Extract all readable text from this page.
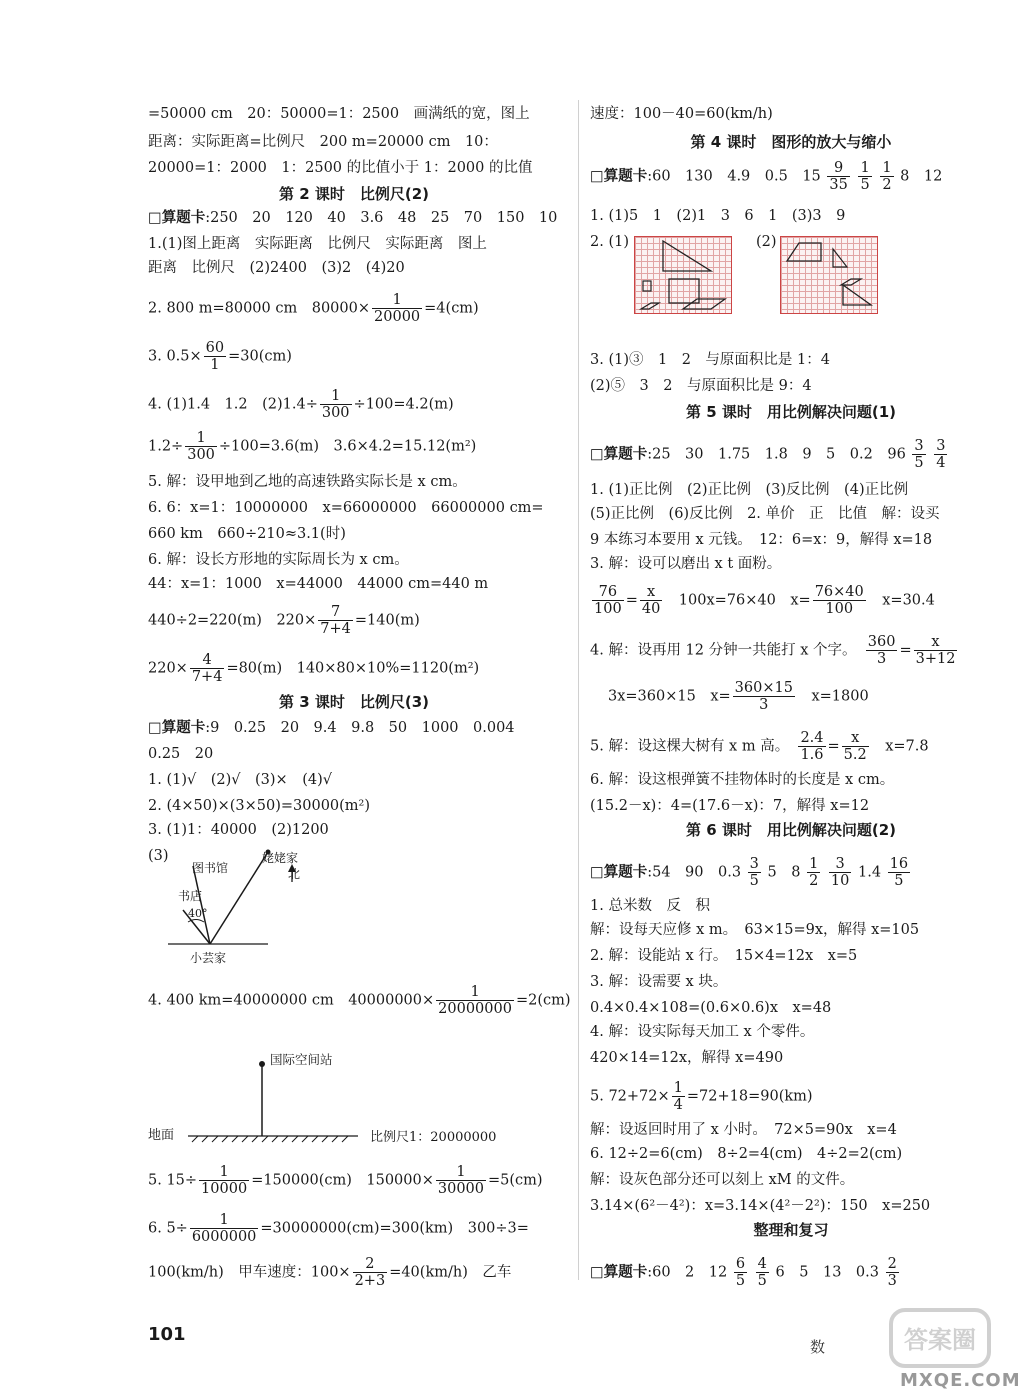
=50000 cm　20：50000=1：2500　画满纸的宽，图上
距离：实际距离=比例尺　200 m=20000 cm　10：
20000=1：2000　1：2500 的比值小于 1：2000 的比值
第 2 课时　比例尺(2)
□算题卡:250　20　120　40　3.6　48　25　70　150　10
1.(1)图上距离　实际距离　比例尺　实际距离　图上
距离　比例尺　(2)2400　(3)2　(4)20
2. 800 m=80000 cm　$80000\times \frac{1}{20000} =4(cm)$
3. $0.5\times \frac{60}{1} =30(cm)$
4. (1)1.4　1.2　$(2)1.4\div \frac{1}{300} \div 100=4.2(m)$
$1.2\div \frac{1}{300} \div 100=3.6(m)$　3.6×4.2=15.12(m²)
5. 解：设甲地到乙地的高速铁路实际长是 x cm。
6. 6：x=1：10000000　x=66000000　66000000 cm=
660 km　660÷210≈3.1(时)
6. 解：设长方形地的实际周长为 x cm。
44：x=1：1000　x=44000　44000 cm=440 m
440÷2=220(m)　$220\times \frac{7}{7+4} =140(m)$
$220\times \frac{4}{7+4} =80(m)$　140×80×10%=1120(m²)
第 3 课时　比例尺(3)
□算题卡:9　0.25　20　9.4　9.8　50　1000　0.004
0.25　20
1. (1)√　(2)√　(3)×　(4)√
2. (4×50)×(3×50)=30000(m²)
3. (1)1：40000　(2)1200
(3)
图书馆
姥姥家
北
书店
40°
小芸家
4. 400 km=40000000 cm　$40000000\times \frac{1}{20000000} =2(cm)$
国际空间站
地面	比例尺1：20000000
5. $15\div \frac{1}{10000} =150000(cm)$　$150000\times \frac{1}{30000} =5(cm)$
6. $5\div \frac{1}{6000000} =30000000(cm)=300(km)$　300÷3=
100(km/h)　甲车速度：$100\times \frac{2}{2+3} =40(km/h)$　乙车
速度：100－40=60(km/h)
第 4 课时　图形的放大与缩小
□算题卡:60　130　4.9　0.5　$15 \frac{9}{35}$
$\frac{1}{5}$
$\frac{1}{2} 8$　12
1. (1)5　1　(2)1　3　6　1　(3)3　9
2. (1)	(2)
3. (1)③　1　2　与原面积比是 1：4
(2)⑤　3　2　与原面积比是 9：4
第 5 课时　用比例解决问题(1)
□算题卡:25　30　1.75　1.8　9　5　0.2　$96 \frac{3}{5}$
$\frac{3}{4}$
1. (1)正比例　(2)正比例　(3)反比例　(4)正比例
(5)正比例　(6)反比例　2. 单价　正　比值　解：设买
9 本练习本要用 x 元钱。　12：6=x：9，解得 x=18
3. 解：设可以磨出 x t 面粉。
$\frac{76}{100} = \frac{x}{40}$
　 100x=76×40　$x= \frac{76\times 40}{100}$
　 x=30.4
4. 解：设再用 12 分钟一共能打 x 个字。　 $\frac{360}{3} = \frac{x}{3+12}$
3x=360×15　$x= \frac{360\times 15}{3}$
　 x=1800
5. 解：设这棵大树有 x m 高。　 $\frac{2.4}{1.6} = \frac{x}{5.2}$
　 x=7.8
6. 解：设这根弹簧不挂物体时的长度是 x cm。
(15.2－x)：4=(17.6－x)：7，解得 x=12
第 6 课时　用比例解决问题(2)
□算题卡:54　90　$0.3 \frac{3}{5} 5$　$8 \frac{1}{2}$
$\frac{3}{10} 1.4 \frac{16}{5}$
1. 总米数　反　积
解：设每天应修 x m。　63×15=9x，解得 x=105
2. 解：设能站 x 行。　15×4=12x　x=5
3. 解：设需要 x 块。
0.4×0.4×108=(0.6×0.6)x　x=48
4. 解：设实际每天加工 x 个零件。
420×14=12x，解得 x=490
5. $72+72\times \frac{1}{4} =72+18=90(km)$
解：设返回时用了 x 小时。　72×5=90x　x=4
6. 12÷2=6(cm)　8÷2=4(cm)　4÷2=2(cm)
解：设灰色部分还可以刻上 xM 的文件。
3.14×(6²－4²)：x=3.14×(4²－2²)：150　x=250
整理和复习
□算题卡:60　2　$12 \frac{6}{5}$
$\frac{4}{5} 6$　5　13　$0.3 \frac{2}{3}$
101
数	答案圈
MXQE.COM
